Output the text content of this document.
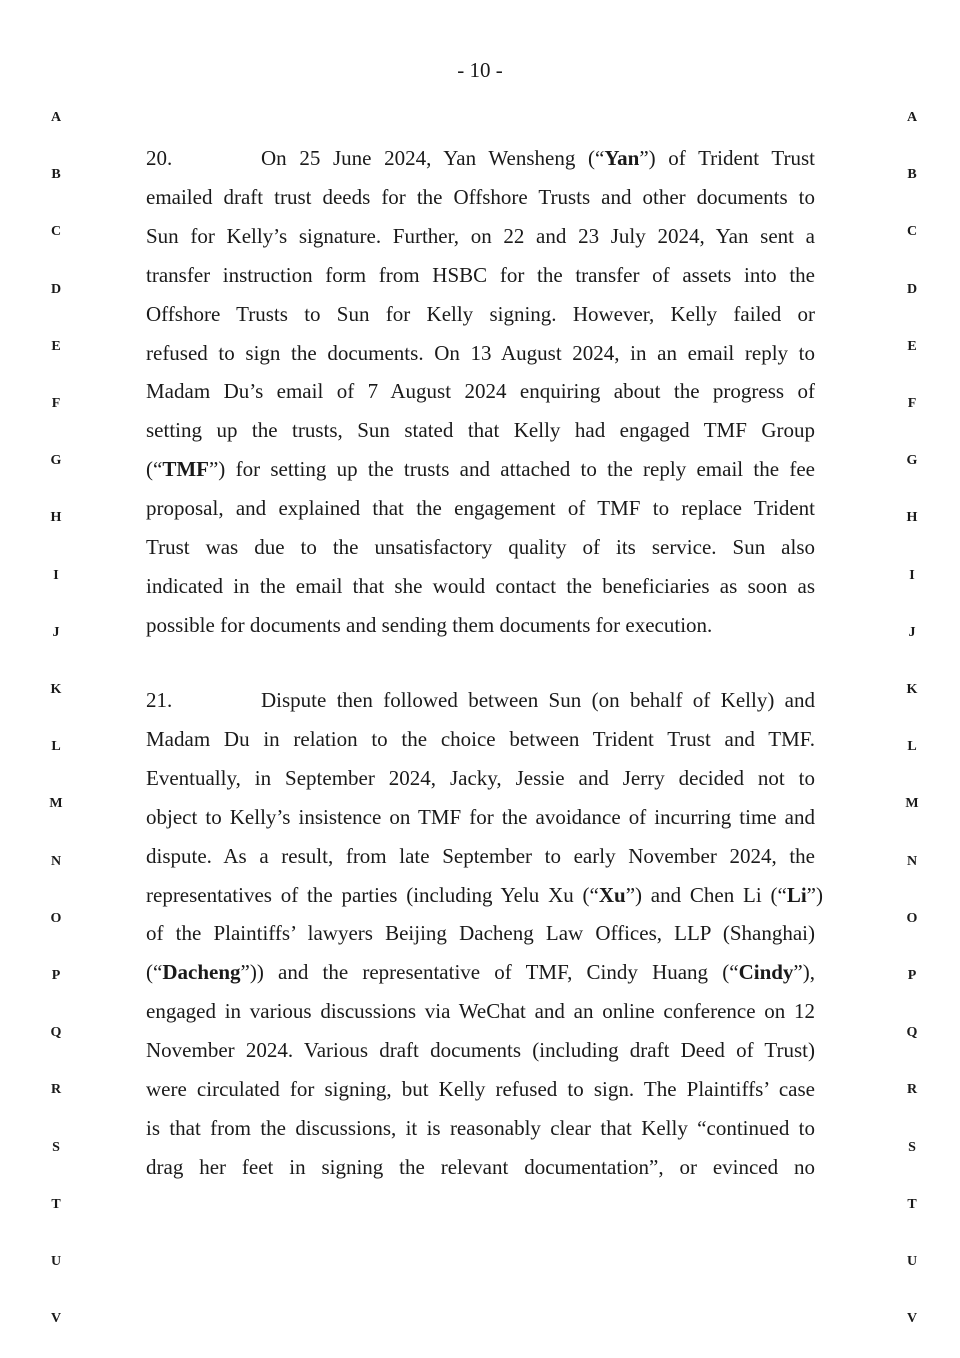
- 10 -
A	A
B	B
C	C
D	D
E	E
F	F
G	G
H	H
I	I
J	J
K	K
L	L
M	M
N	N
O	O
P	P
Q	Q
R	R
S	S
T	T
U	U
V	V
20.	On 25 June 2024, Yan Wensheng (“Yan”) of Trident Trust
emailed draft trust deeds for the Offshore Trusts and other documents to
Sun for Kelly’s signature. Further, on 22 and 23 July 2024, Yan sent a
transfer instruction form from HSBC for the transfer of assets into the
Offshore Trusts to Sun for Kelly signing. However, Kelly failed or
refused to sign the documents. On 13 August 2024, in an email reply to
Madam Du’s email of 7 August 2024 enquiring about the progress of
setting up the trusts, Sun stated that Kelly had engaged TMF Group
(“TMF”) for setting up the trusts and attached to the reply email the fee
proposal, and explained that the engagement of TMF to replace Trident
Trust was due to the unsatisfactory quality of its service. Sun also
indicated in the email that she would contact the beneficiaries as soon as
possible for documents and sending them documents for execution.
21.	Dispute then followed between Sun (on behalf of Kelly) and
Madam Du in relation to the choice between Trident Trust and TMF.
Eventually, in September 2024, Jacky, Jessie and Jerry decided not to
object to Kelly’s insistence on TMF for the avoidance of incurring time and
dispute. As a result, from late September to early November 2024, the
representatives of the parties (including Yelu Xu (“Xu”) and Chen Li (“Li”)
of the Plaintiffs’ lawyers Beijing Dacheng Law Offices, LLP (Shanghai)
(“Dacheng”)) and the representative of TMF, Cindy Huang (“Cindy”),
engaged in various discussions via WeChat and an online conference on 12
November 2024. Various draft documents (including draft Deed of Trust)
were circulated for signing, but Kelly refused to sign. The Plaintiffs’ case
is that from the discussions, it is reasonably clear that Kelly “continued to
drag her feet in signing the relevant documentation”, or evinced no
